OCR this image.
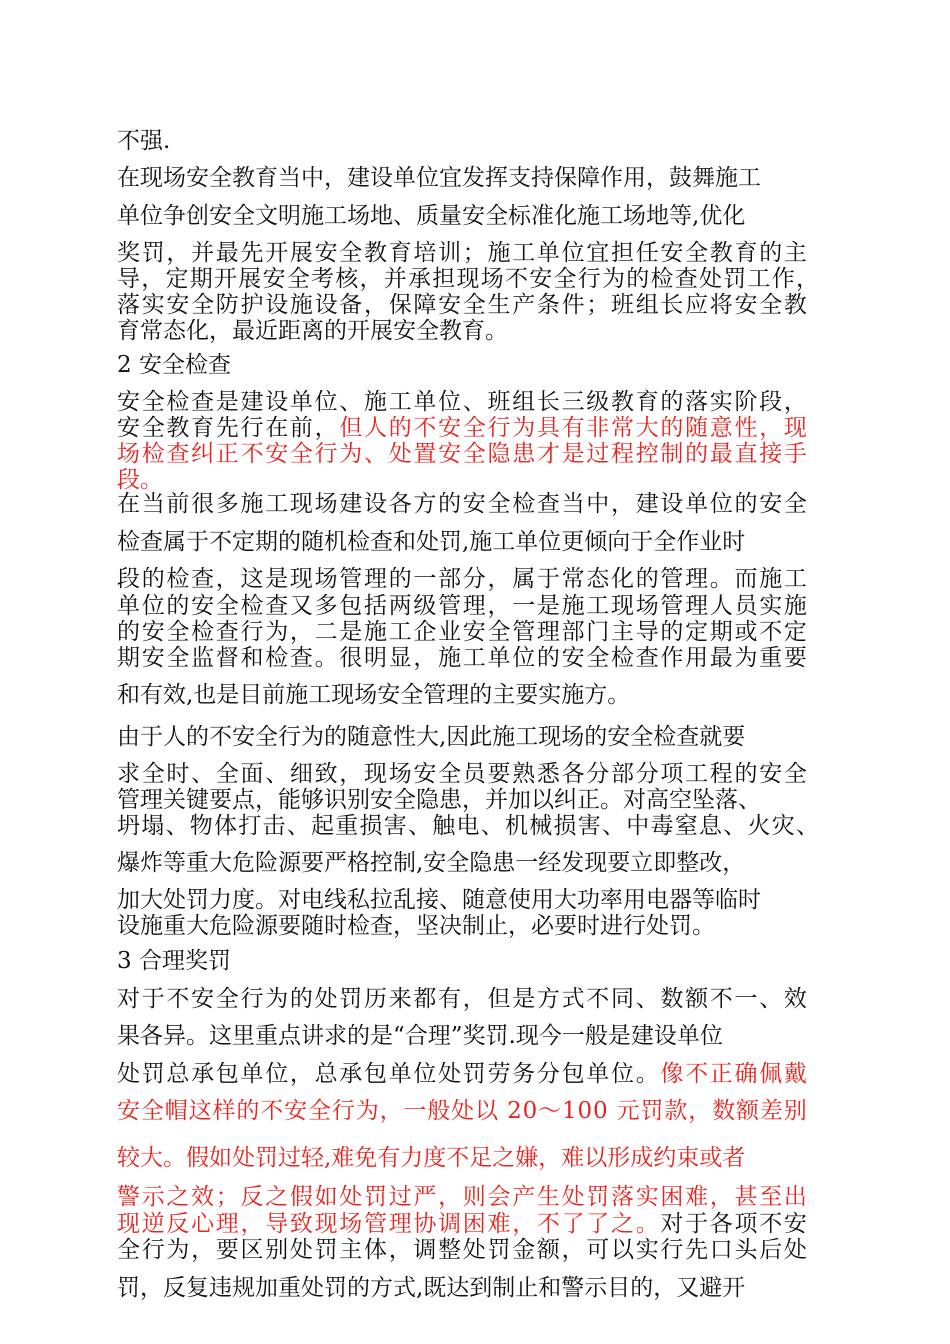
不强.
在现场安全教育当中，建设单位宜发挥支持保障作用，鼓舞施工
单位争创安全文明施工场地、质量安全标准化施工场地等,优化
奖罚，并最先开展安全教育培训；施工单位宜担任安全教育的主
导，定期开展安全考核，并承担现场不安全行为的检查处罚工作，
落实安全防护设施设备，保障安全生产条件；班组长应将安全教
育常态化，最近距离的开展安全教育。
2 安全检查
安全检查是建设单位、施工单位、班组长三级教育的落实阶段，
安全教育先行在前，但人的不安全行为具有非常大的随意性，现
场检查纠正不安全行为、处置安全隐患才是过程控制的最直接手
段。
在当前很多施工现场建设各方的安全检查当中，建设单位的安全
检查属于不定期的随机检查和处罚,施工单位更倾向于全作业时
段的检查，这是现场管理的一部分，属于常态化的管理。而施工
单位的安全检查又多包括两级管理，一是施工现场管理人员实施
的安全检查行为，二是施工企业安全管理部门主导的定期或不定
期安全监督和检查。很明显，施工单位的安全检查作用最为重要
和有效,也是目前施工现场安全管理的主要实施方。
由于人的不安全行为的随意性大,因此施工现场的安全检查就要
求全时、全面、细致，现场安全员要熟悉各分部分项工程的安全
管理关键要点，能够识别安全隐患，并加以纠正。对高空坠落、
坍塌、物体打击、起重损害、触电、机械损害、中毒窒息、火灾、
爆炸等重大危险源要严格控制,安全隐患一经发现要立即整改，
加大处罚力度。对电线私拉乱接、随意使用大功率用电器等临时
设施重大危险源要随时检查，坚决制止，必要时进行处罚。
3 合理奖罚
对于不安全行为的处罚历来都有，但是方式不同、数额不一、效
果各异。这里重点讲求的是“合理”奖罚.现今一般是建设单位
处罚总承包单位，总承包单位处罚劳务分包单位。像不正确佩戴
安全帽这样的不安全行为，一般处以 20～100 元罚款，数额差别
较大。假如处罚过轻,难免有力度不足之嫌，难以形成约束或者
警示之效；反之假如处罚过严，则会产生处罚落实困难，甚至出
现逆反心理，导致现场管理协调困难，不了了之。对于各项不安
全行为，要区别处罚主体，调整处罚金额，可以实行先口头后处
罚，反复违规加重处罚的方式,既达到制止和警示目的，又避开
